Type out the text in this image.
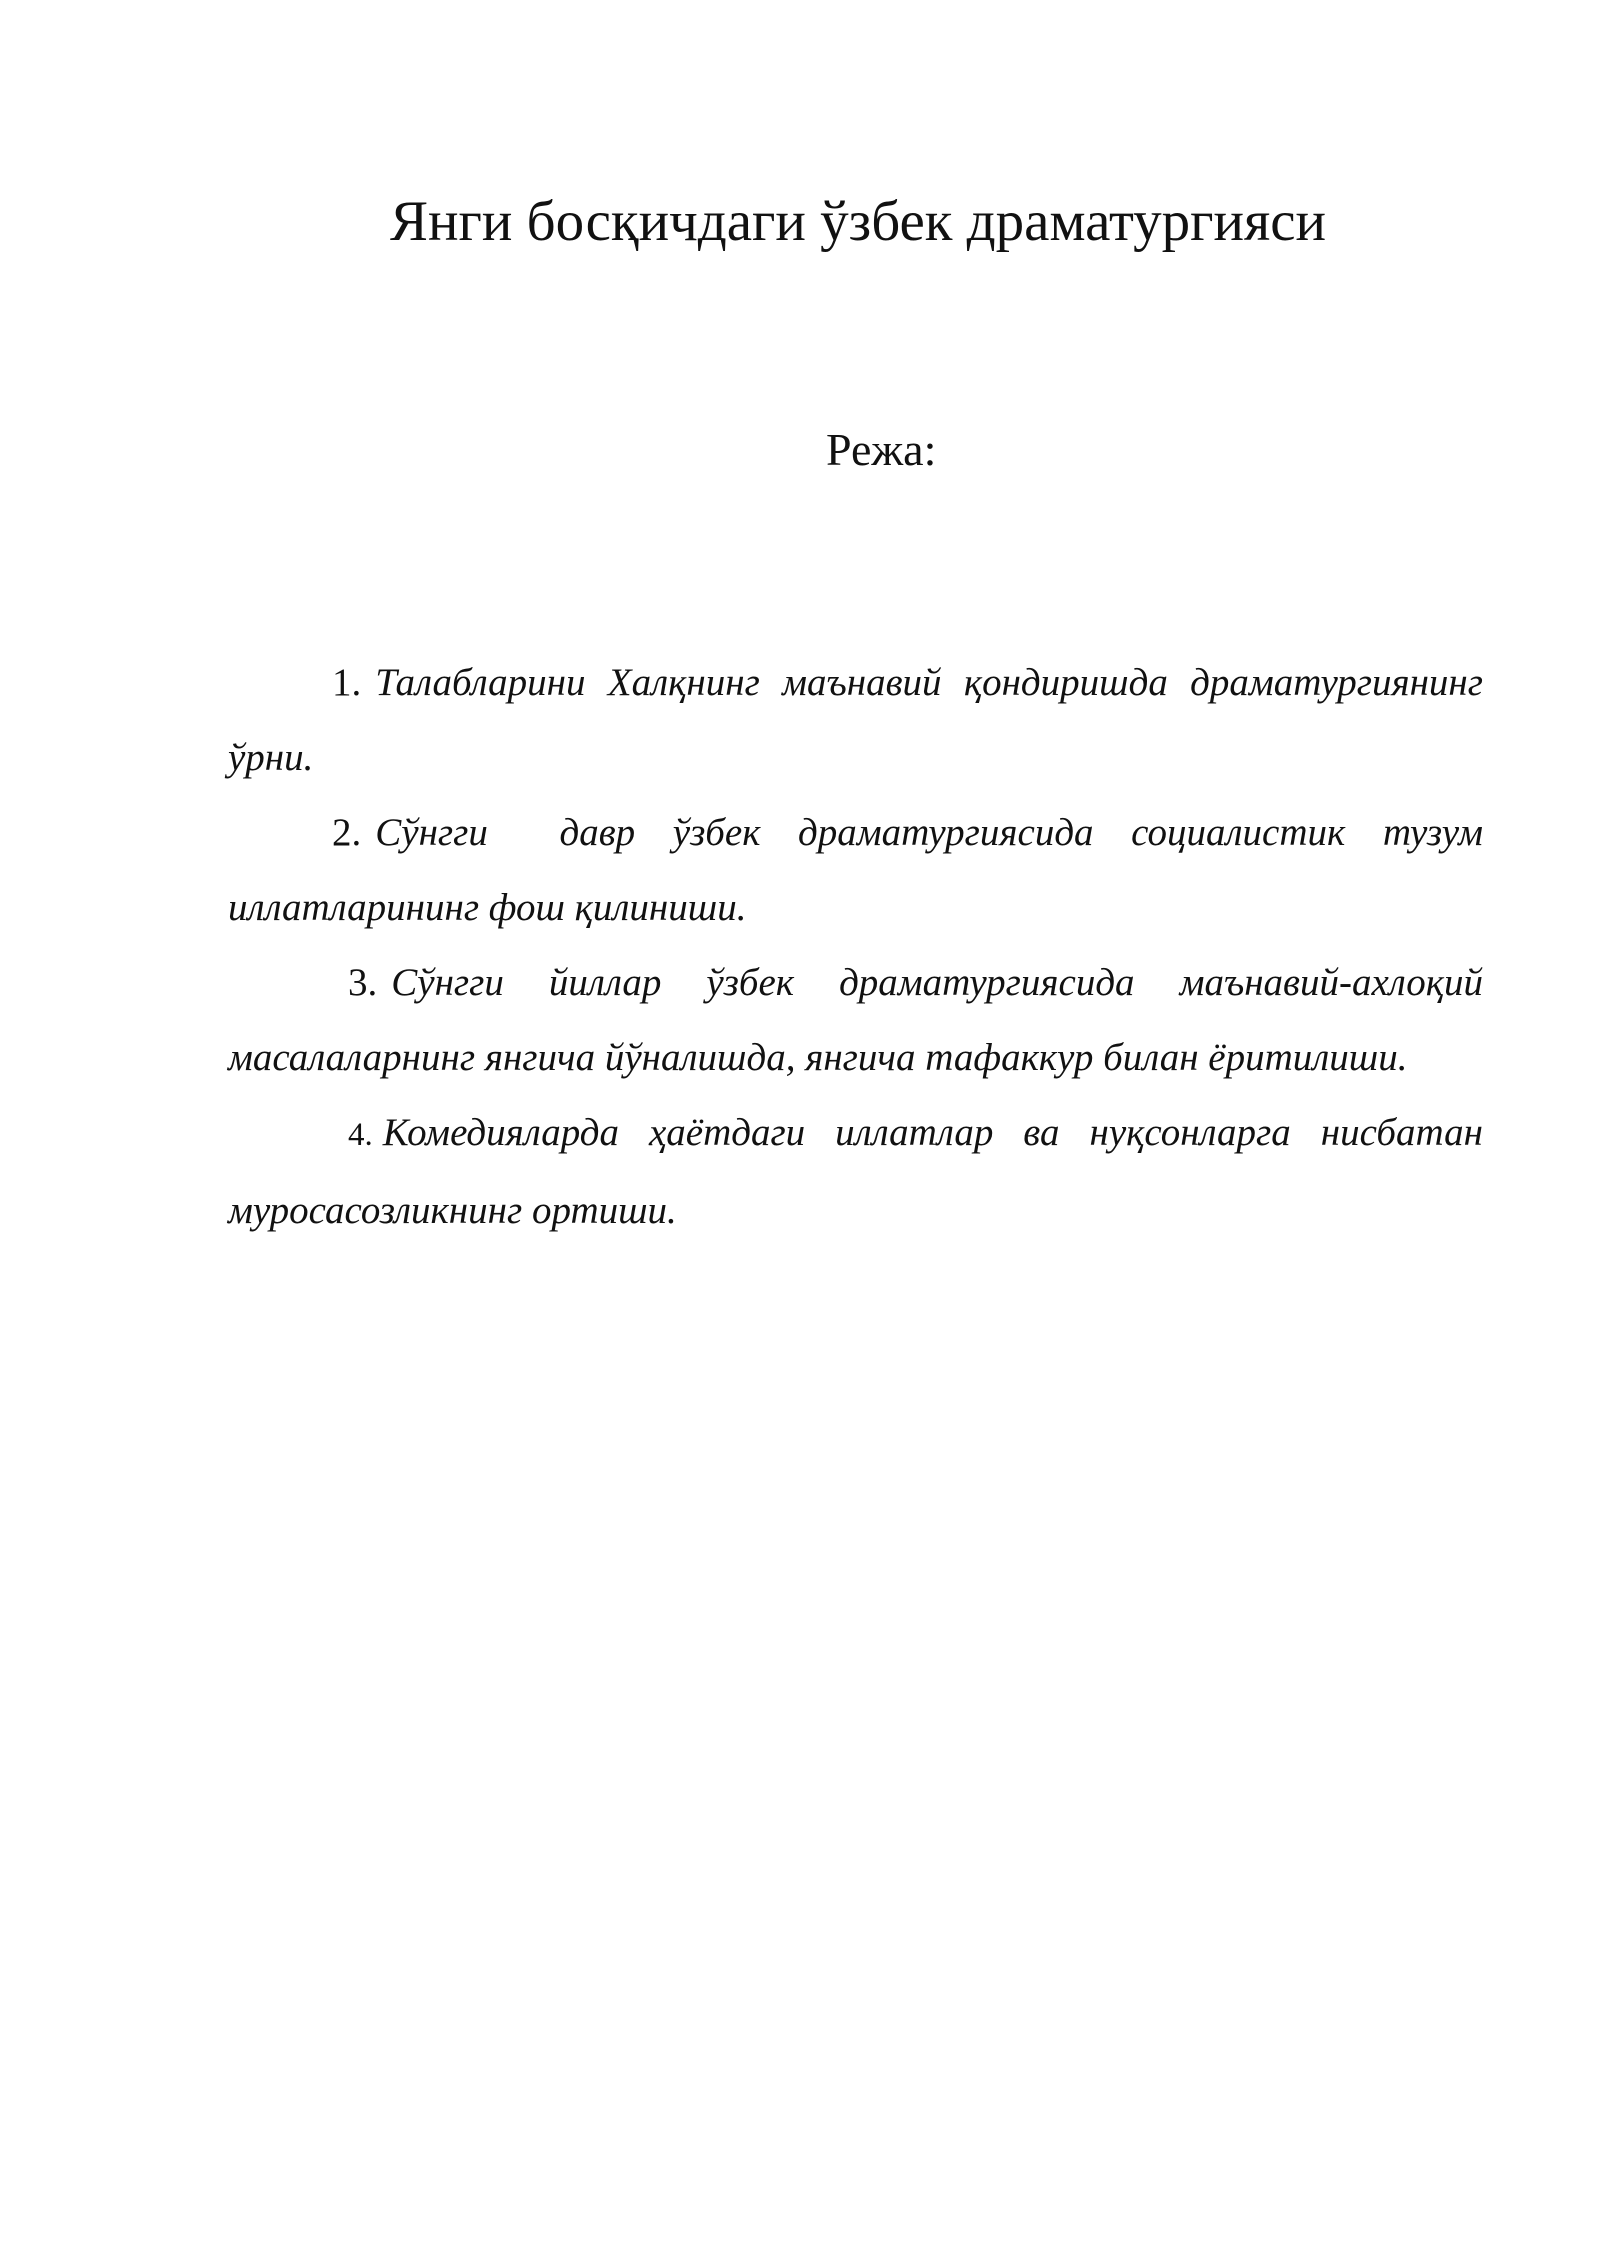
Янги босқичдаги ўзбек драматургияси

Режа:

1. Талабларини Халқнинг маънавий қондиришда драматургиянинг ўрни.
2. Сўнгги давр ўзбек драматургиясида социалистик тузум иллатларининг фош қилиниши.
3. Сўнгги йиллар ўзбек драматургиясида маънавий-ахлоқий масалаларнинг янгича йўналишда, янгича тафаккур билан ёритилиши.
4. Комедияларда ҳаётдаги иллатлар ва нуқсонларга нисбатан муросасозликнинг ортиши.
